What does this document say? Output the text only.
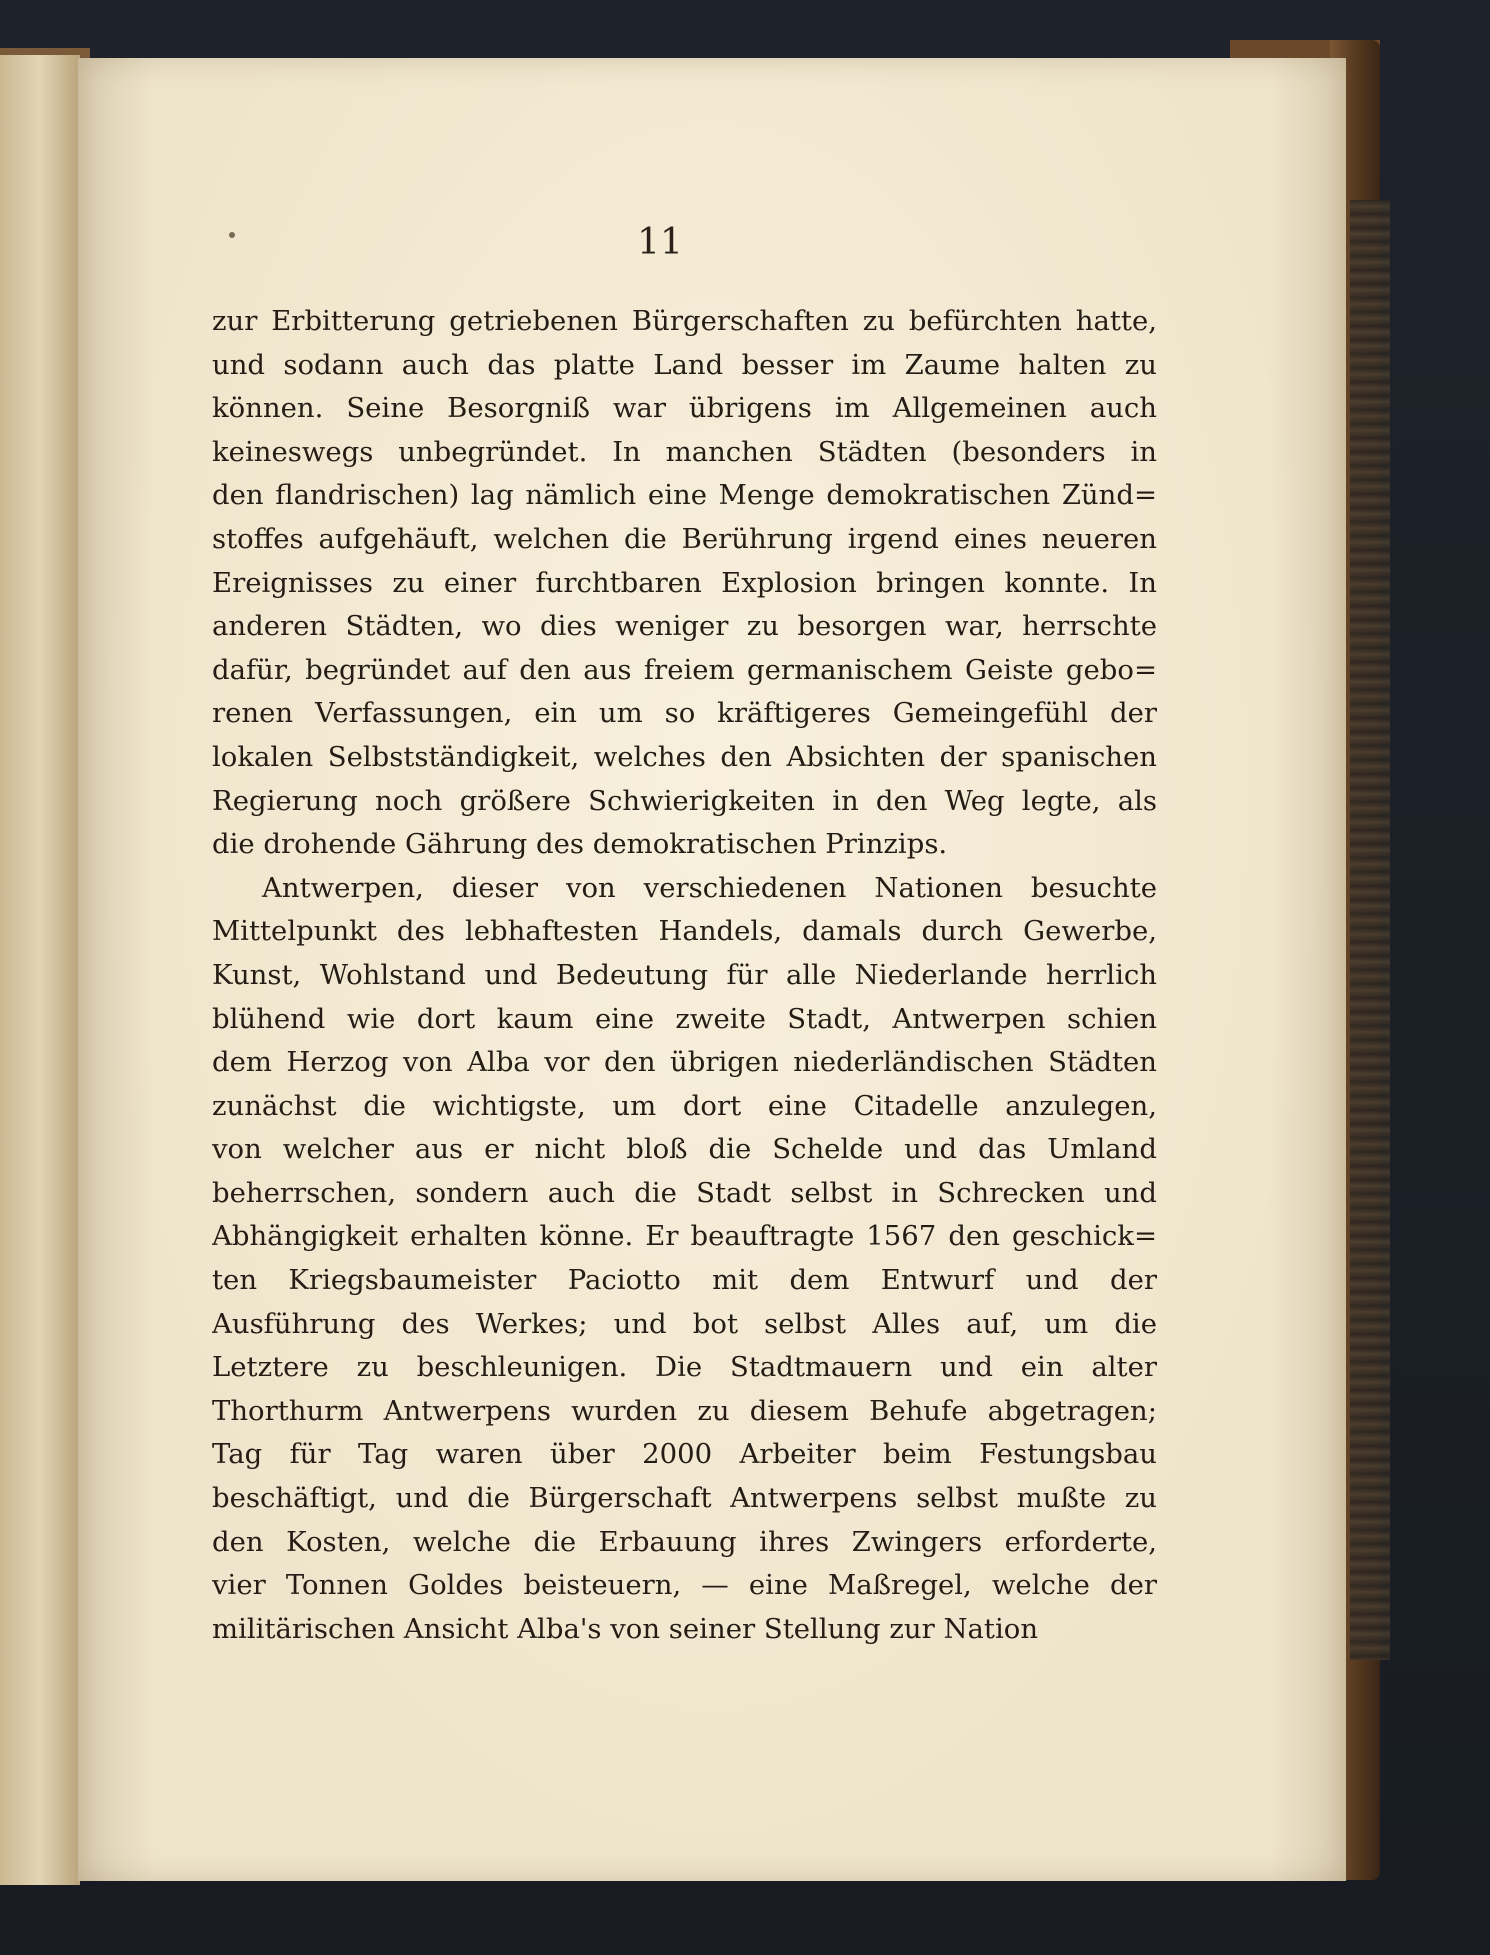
11
zur Erbitterung getriebenen Bürgerschaften zu befürchten hatte,
und sodann auch das platte Land besser im Zaume halten zu
können. Seine Besorgniß war übrigens im Allgemeinen auch
keineswegs unbegründet. In manchen Städten (besonders in
den flandrischen) lag nämlich eine Menge demokratischen Zünd=
stoffes aufgehäuft, welchen die Berührung irgend eines neueren
Ereignisses zu einer furchtbaren Explosion bringen konnte. In
anderen Städten, wo dies weniger zu besorgen war, herrschte
dafür, begründet auf den aus freiem germanischem Geiste gebo=
renen Verfassungen, ein um so kräftigeres Gemeingefühl der
lokalen Selbstständigkeit, welches den Absichten der spanischen
Regierung noch größere Schwierigkeiten in den Weg legte, als
die drohende Gährung des demokratischen Prinzips.
Antwerpen, dieser von verschiedenen Nationen besuchte
Mittelpunkt des lebhaftesten Handels, damals durch Gewerbe,
Kunst, Wohlstand und Bedeutung für alle Niederlande herrlich
blühend wie dort kaum eine zweite Stadt, Antwerpen schien
dem Herzog von Alba vor den übrigen niederländischen Städten
zunächst die wichtigste, um dort eine Citadelle anzulegen,
von welcher aus er nicht bloß die Schelde und das Umland
beherrschen, sondern auch die Stadt selbst in Schrecken und
Abhängigkeit erhalten könne. Er beauftragte 1567 den geschick=
ten Kriegsbaumeister Paciotto mit dem Entwurf und der
Ausführung des Werkes; und bot selbst Alles auf, um die
Letztere zu beschleunigen. Die Stadtmauern und ein alter
Thorthurm Antwerpens wurden zu diesem Behufe abgetragen;
Tag für Tag waren über 2000 Arbeiter beim Festungsbau
beschäftigt, und die Bürgerschaft Antwerpens selbst mußte zu
den Kosten, welche die Erbauung ihres Zwingers erforderte,
vier Tonnen Goldes beisteuern, — eine Maßregel, welche der
militärischen Ansicht Alba's von seiner Stellung zur Nation
